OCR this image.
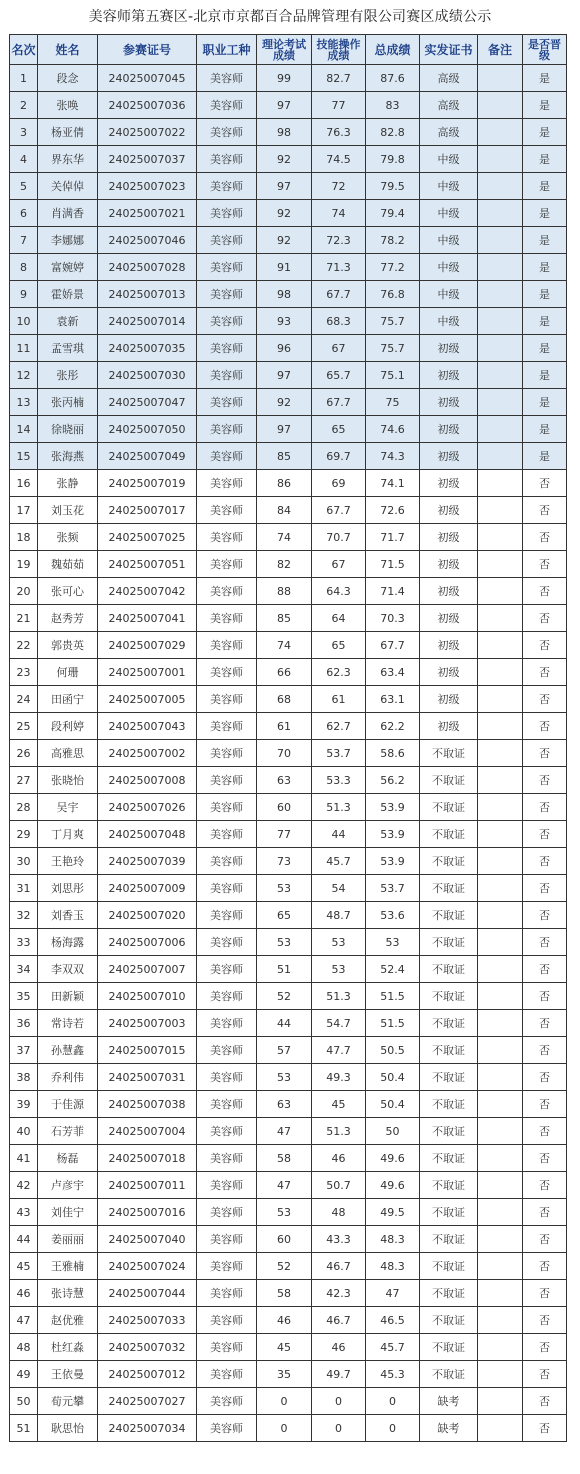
美容师第五赛区-北京市京都百合品牌管理有限公司赛区成绩公示
名次	姓名	参赛证号	职业工种	理论考试成绩	技能操作成绩	总成绩	实发证书	备注	是否晋级
1	段念	24025007045	美容师	99	82.7	87.6	高级		是
2	张唤	24025007036	美容师	97	77	83	高级		是
3	杨亚倩	24025007022	美容师	98	76.3	82.8	高级		是
4	界东华	24025007037	美容师	92	74.5	79.8	中级		是
5	关倬倬	24025007023	美容师	97	72	79.5	中级		是
6	肖满香	24025007021	美容师	92	74	79.4	中级		是
7	李娜娜	24025007046	美容师	92	72.3	78.2	中级		是
8	富婉婷	24025007028	美容师	91	71.3	77.2	中级		是
9	霍娇景	24025007013	美容师	98	67.7	76.8	中级		是
10	袁新	24025007014	美容师	93	68.3	75.7	中级		是
11	孟雪琪	24025007035	美容师	96	67	75.7	初级		是
12	张彤	24025007030	美容师	97	65.7	75.1	初级		是
13	张丙楠	24025007047	美容师	92	67.7	75	初级		是
14	徐晓丽	24025007050	美容师	97	65	74.6	初级		是
15	张海燕	24025007049	美容师	85	69.7	74.3	初级		是
16	张静	24025007019	美容师	86	69	74.1	初级		否
17	刘玉花	24025007017	美容师	84	67.7	72.6	初级		否
18	张频	24025007025	美容师	74	70.7	71.7	初级		否
19	魏茹茹	24025007051	美容师	82	67	71.5	初级		否
20	张可心	24025007042	美容师	88	64.3	71.4	初级		否
21	赵秀芳	24025007041	美容师	85	64	70.3	初级		否
22	郭贵英	24025007029	美容师	74	65	67.7	初级		否
23	何珊	24025007001	美容师	66	62.3	63.4	初级		否
24	田函宁	24025007005	美容师	68	61	63.1	初级		否
25	段利婷	24025007043	美容师	61	62.7	62.2	初级		否
26	高雅思	24025007002	美容师	70	53.7	58.6	不取证		否
27	张晓怡	24025007008	美容师	63	53.3	56.2	不取证		否
28	吴宇	24025007026	美容师	60	51.3	53.9	不取证		否
29	丁月爽	24025007048	美容师	77	44	53.9	不取证		否
30	王艳玲	24025007039	美容师	73	45.7	53.9	不取证		否
31	刘思彤	24025007009	美容师	53	54	53.7	不取证		否
32	刘香玉	24025007020	美容师	65	48.7	53.6	不取证		否
33	杨海露	24025007006	美容师	53	53	53	不取证		否
34	李双双	24025007007	美容师	51	53	52.4	不取证		否
35	田新颖	24025007010	美容师	52	51.3	51.5	不取证		否
36	常诗若	24025007003	美容师	44	54.7	51.5	不取证		否
37	孙慧鑫	24025007015	美容师	57	47.7	50.5	不取证		否
38	乔利伟	24025007031	美容师	53	49.3	50.4	不取证		否
39	于佳源	24025007038	美容师	63	45	50.4	不取证		否
40	石芳菲	24025007004	美容师	47	51.3	50	不取证		否
41	杨磊	24025007018	美容师	58	46	49.6	不取证		否
42	卢彦宇	24025007011	美容师	47	50.7	49.6	不取证		否
43	刘佳宁	24025007016	美容师	53	48	49.5	不取证		否
44	姜丽丽	24025007040	美容师	60	43.3	48.3	不取证		否
45	王雅楠	24025007024	美容师	52	46.7	48.3	不取证		否
46	张诗慧	24025007044	美容师	58	42.3	47	不取证		否
47	赵优雅	24025007033	美容师	46	46.7	46.5	不取证		否
48	杜红淼	24025007032	美容师	45	46	45.7	不取证		否
49	王依曼	24025007012	美容师	35	49.7	45.3	不取证		否
50	荀元攀	24025007027	美容师	0	0	0	缺考		否
51	耿思怡	24025007034	美容师	0	0	0	缺考		否
